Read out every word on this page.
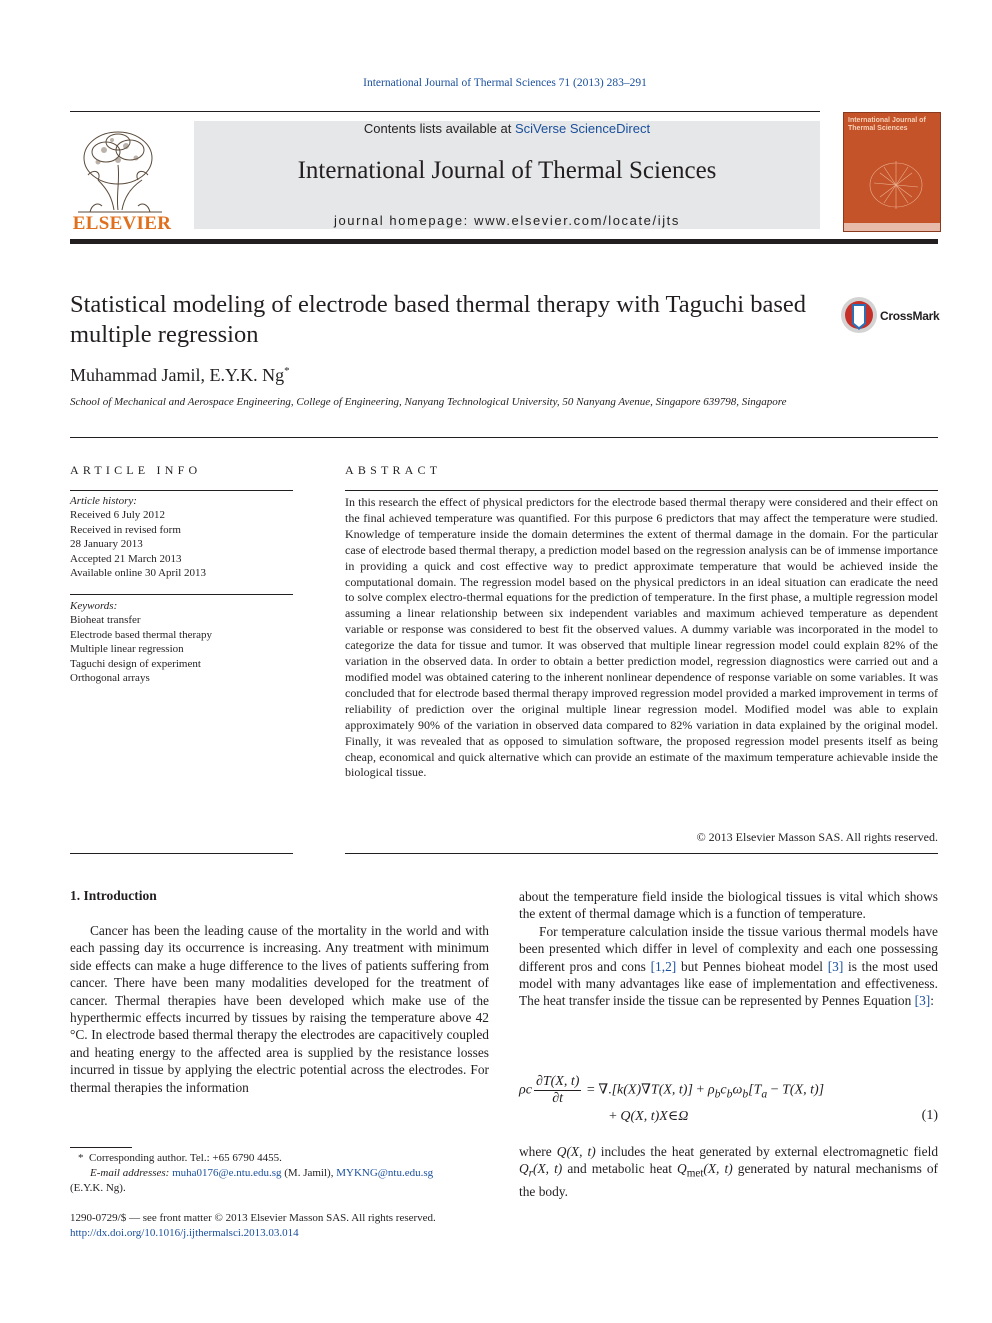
International Journal of Thermal Sciences 71 (2013) 283–291
ELSEVIER
Contents lists available at SciVerse ScienceDirect
International Journal of Thermal Sciences
journal homepage: www.elsevier.com/locate/ijts
International Journal of Thermal Sciences
Statistical modeling of electrode based thermal therapy with Taguchi based multiple regression
CrossMark
Muhammad Jamil, E.Y.K. Ng*
School of Mechanical and Aerospace Engineering, College of Engineering, Nanyang Technological University, 50 Nanyang Avenue, Singapore 639798, Singapore
ARTICLE INFO	ABSTRACT
Article history:
Received 6 July 2012
Received in revised form
28 January 2013
Accepted 21 March 2013
Available online 30 April 2013
Keywords:
Bioheat transfer
Electrode based thermal therapy
Multiple linear regression
Taguchi design of experiment
Orthogonal arrays
In this research the effect of physical predictors for the electrode based thermal therapy were considered and their effect on the final achieved temperature was quantified. For this purpose 6 predictors that may affect the temperature were studied. Knowledge of temperature inside the domain determines the extent of thermal damage in the domain. For the particular case of electrode based thermal therapy, a prediction model based on the regression analysis can be of immense importance in providing a quick and cost effective way to predict approximate temperature that would be achieved inside the computational domain. The regression model based on the physical predictors in an ideal situation can eradicate the need to solve complex electro-thermal equations for the prediction of temperature. In the first phase, a multiple regression model assuming a linear relationship between six independent variables and maximum achieved temperature as dependent variable or response was considered to best fit the observed values. A dummy variable was incorporated in the model to categorize the data for tissue and tumor. It was observed that multiple linear regression model could explain 82% of the variation in the observed data. In order to obtain a better prediction model, regression diagnostics were carried out and a modified model was obtained catering to the inherent nonlinear dependence of response variable on some variables. It was concluded that for electrode based thermal therapy improved regression model provided a marked improvement in terms of reliability of prediction over the original multiple linear regression model. Modified model was able to explain approximately 90% of the variation in observed data compared to 82% variation in data explained by the original model. Finally, it was revealed that as opposed to simulation software, the proposed regression model presents itself as being cheap, economical and quick alternative which can provide an estimate of the maximum temperature achievable inside the biological tissue.
© 2013 Elsevier Masson SAS. All rights reserved.
1. Introduction

Cancer has been the leading cause of the mortality in the world and with each passing day its occurrence is increasing. Any treatment with minimum side effects can make a huge difference to the lives of patients suffering from cancer. There have been many modalities developed for the treatment of cancer. Thermal therapies have been developed which make use of the hyperthermic effects incurred by tissues by raising the temperature above 42 °C. In electrode based thermal therapy the electrodes are capacitively coupled and heating energy to the affected area is supplied by the resistance losses incurred in tissue by applying the electric potential across the electrodes. For thermal therapies the information

about the temperature field inside the biological tissues is vital which shows the extent of thermal damage which is a function of temperature.

For temperature calculation inside the tissue various thermal models have been presented which differ in level of complexity and each one possessing different pros and cons [1,2] but Pennes bioheat model [3] is the most used model with many advantages like ease of implementation and effectiveness. The heat transfer inside the tissue can be represented by Pennes Equation [3]:

ρc $\frac{\partial T(X, t)}{\partial t} = \nabla.[k(X)\nabla T(X$, $t)] + \rho_bc_b\omega_b[T_a - T(X$, t)]
+ Q(X, t)X∈Ω	(1)
where Q(X, t) includes the heat generated by external electromagnetic field $Q_r(X$, t) and metabolic heat $Q_{met}(X$, t) generated by natural mechanisms of the body.
*  Corresponding author. Tel.: +65 6790 4455.
E-mail addresses: muha0176@e.ntu.edu.sg (M. Jamil), MYKNG@ntu.edu.sg
(E.Y.K. Ng).
1290-0729/$ — see front matter © 2013 Elsevier Masson SAS. All rights reserved.
http://dx.doi.org/10.1016/j.ijthermalsci.2013.03.014
